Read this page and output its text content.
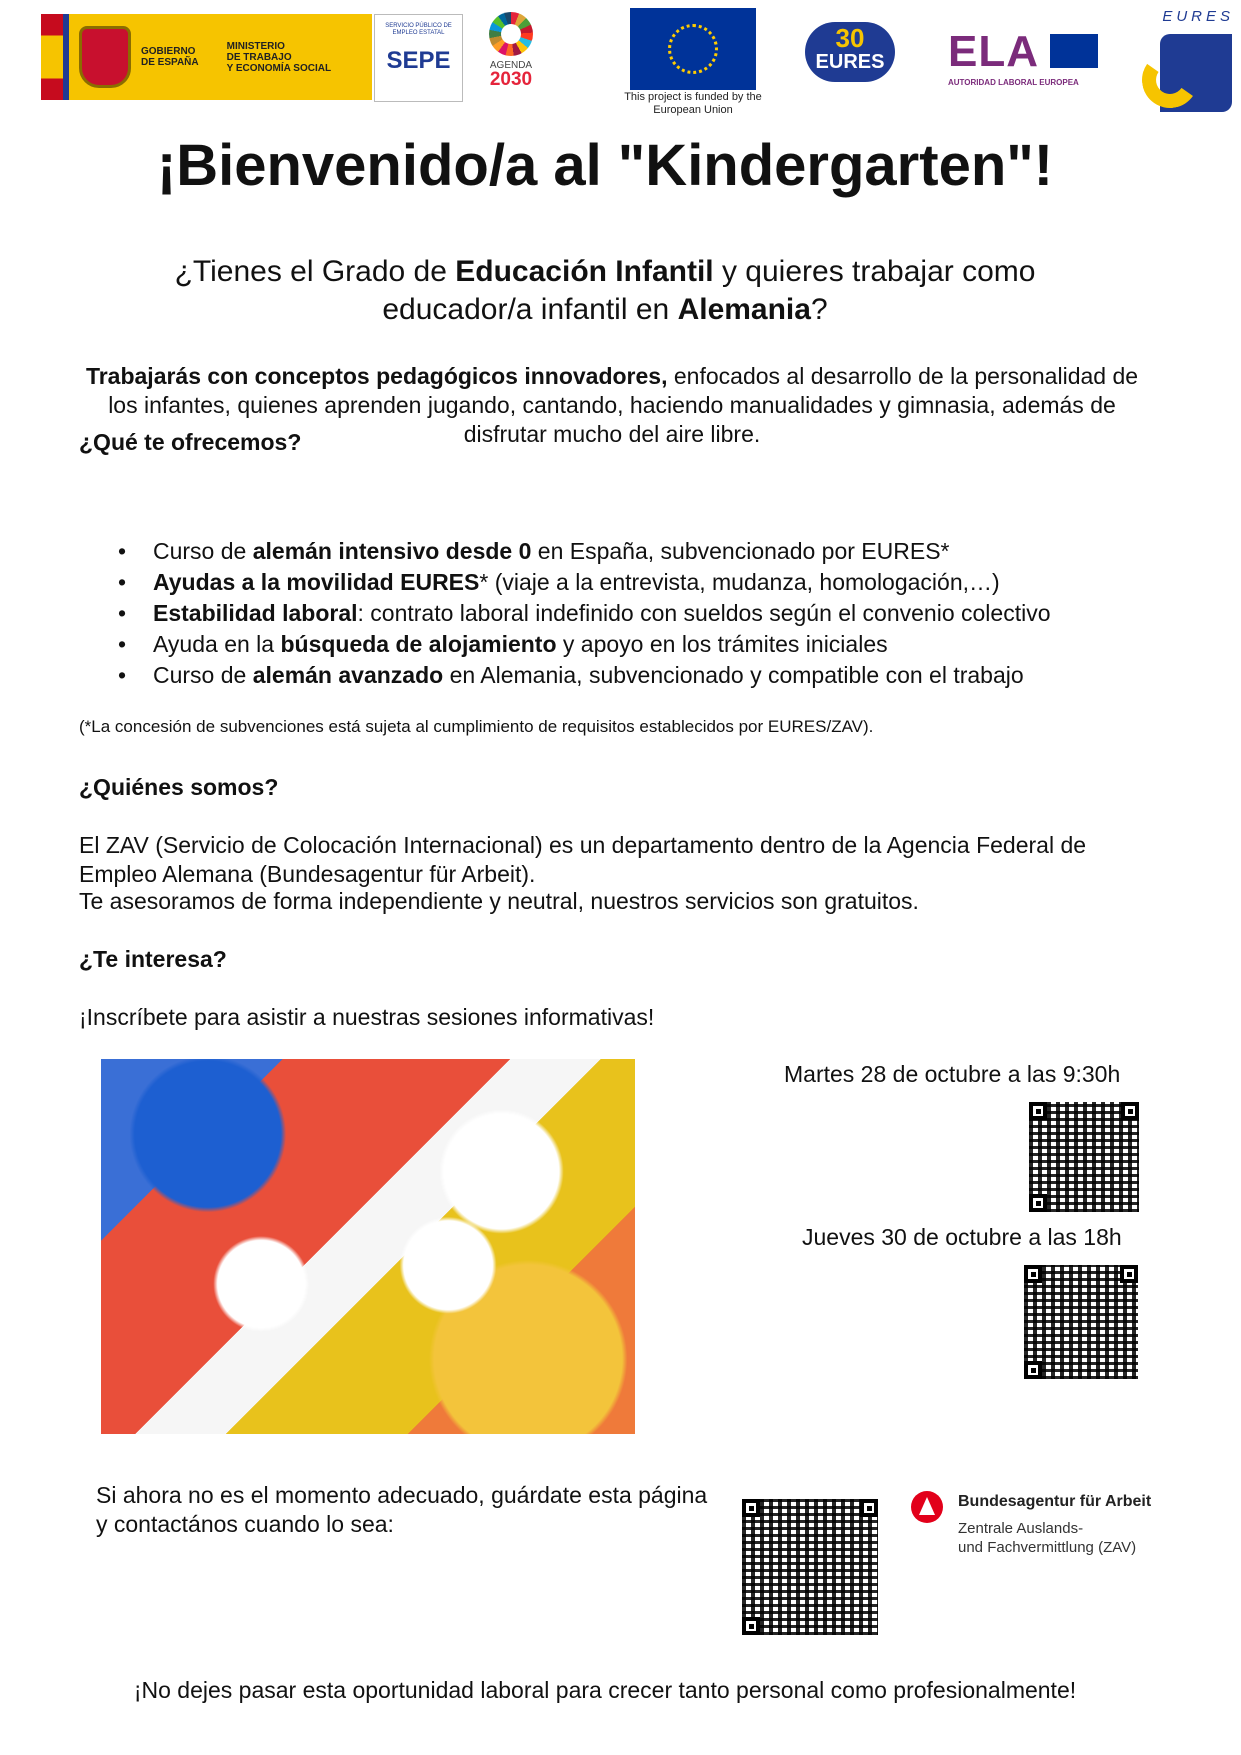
GOBIERNO
DE ESPAÑA
MINISTERIO
DE TRABAJO
Y ECONOMÍA SOCIAL
SERVICIO PÚBLICO DE EMPLEO ESTATAL
SEPE	AGENDA
2030
This project is funded by the European Union
30
EURES ELA
AUTORIDAD LABORAL EUROPEA
EURES
¡Bienvenido/a al "Kindergarten"!
¿Tienes el Grado de Educación Infantil y quieres trabajar como educador/a infantil en Alemania?
Trabajarás con conceptos pedagógicos innovadores, enfocados al desarrollo de la personalidad de los infantes, quienes aprenden jugando, cantando, haciendo manualidades y gimnasia, además de disfrutar mucho del aire libre.
¿Qué te ofrecemos?
• Curso de alemán intensivo desde 0 en España, subvencionado por EURES*
• Ayudas a la movilidad EURES* (viaje a la entrevista, mudanza, homologación,…)
• Estabilidad laboral: contrato laboral indefinido con sueldos según el convenio colectivo
• Ayuda en la búsqueda de alojamiento y apoyo en los trámites iniciales
• Curso de alemán avanzado en Alemania, subvencionado y compatible con el trabajo
(*La concesión de subvenciones está sujeta al cumplimiento de requisitos establecidos por EURES/ZAV).
¿Quiénes somos?
El ZAV (Servicio de Colocación Internacional) es un departamento dentro de la Agencia Federal de Empleo Alemana (Bundesagentur für Arbeit).
Te asesoramos de forma independiente y neutral, nuestros servicios son gratuitos.
¿Te interesa?
¡Inscríbete para asistir a nuestras sesiones informativas!
Martes 28 de octubre a las 9:30h
Jueves 30 de octubre a las 18h
Si ahora no es el momento adecuado, guárdate esta página y contactános cuando lo sea:
Bundesagentur für Arbeit
Zentrale Auslands-
und Fachvermittlung (ZAV)
¡No dejes pasar esta oportunidad laboral para crecer tanto personal como profesionalmente!
